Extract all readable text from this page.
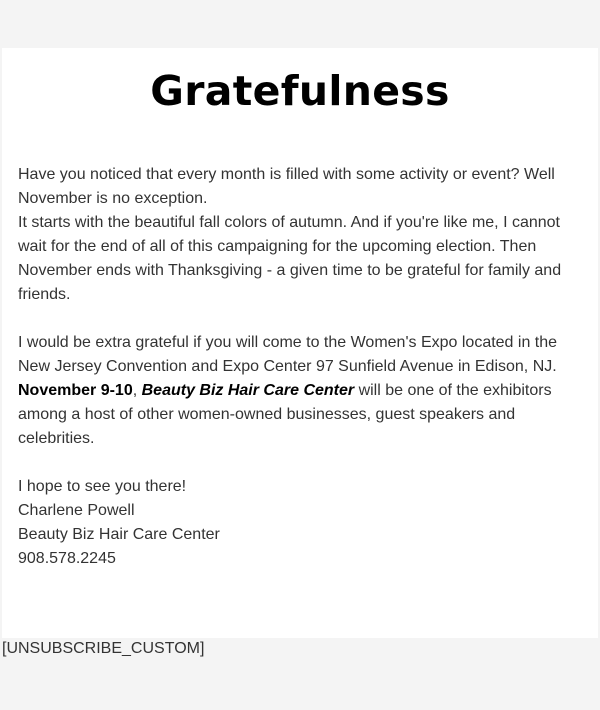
Gratefulness

Have you noticed that every month is filled with some activity or event? Well November is no exception.

It starts with the beautiful fall colors of autumn. And if you're like me, I cannot wait for the end of all of this campaigning for the upcoming election. Then November ends with Thanksgiving - a given time to be grateful for family and friends.

I would be extra grateful if you will come to the Women's Expo located in the New Jersey Convention and Expo Center 97 Sunfield Avenue in Edison, NJ. November 9-10, Beauty Biz Hair Care Center will be one of the exhibitors among a host of other women-owned businesses, guest speakers and celebrities.

I hope to see you there!

Charlene Powell

Beauty Biz Hair Care Center

908.578.2245

[UNSUBSCRIBE_CUSTOM]
